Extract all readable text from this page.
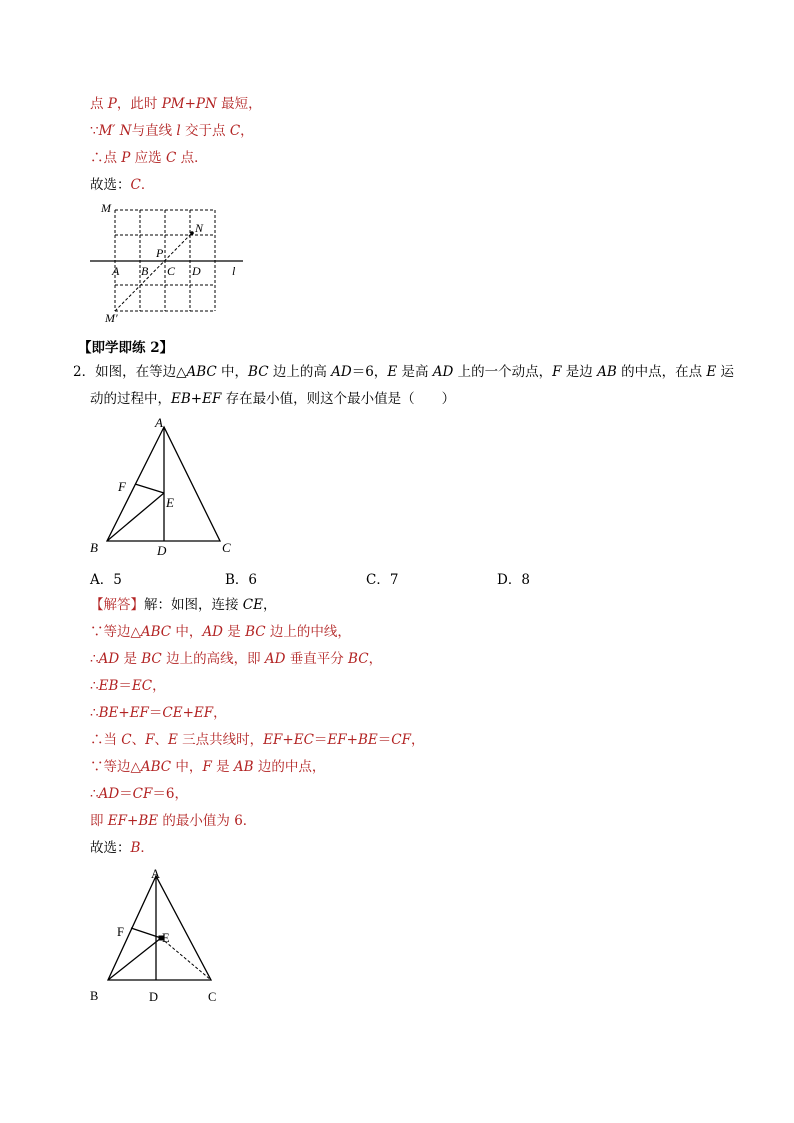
点 P，此时 PM+PN 最短，
∵M′ N与直线 l 交于点 C，
∴点 P 应选 C 点．
故选：C．
M
N
P
A B C D	l
M′
【即学即练 2】
2．如图，在等边△ABC 中，BC 边上的高 AD＝6，E 是高 AD 上的一个动点，F 是边 AB 的中点，在点 E 运
动的过程中，EB+EF 存在最小值，则这个最小值是（　　）
A
F
E
B	D	C
A．5	B．6	C．7	D．8
【解答】解：如图，连接 CE，
∵等边△ABC 中，AD 是 BC 边上的中线，
∴AD 是 BC 边上的高线，即 AD 垂直平分 BC，
∴EB＝EC，
∴BE+EF＝CE+EF，
∴当 C、F、E 三点共线时，EF+EC＝EF+BE＝CF，
∵等边△ABC 中，F 是 AB 边的中点，
∴AD＝CF＝6，
即 EF+BE 的最小值为 6．
故选：B．
A
F	E
B	D	C
